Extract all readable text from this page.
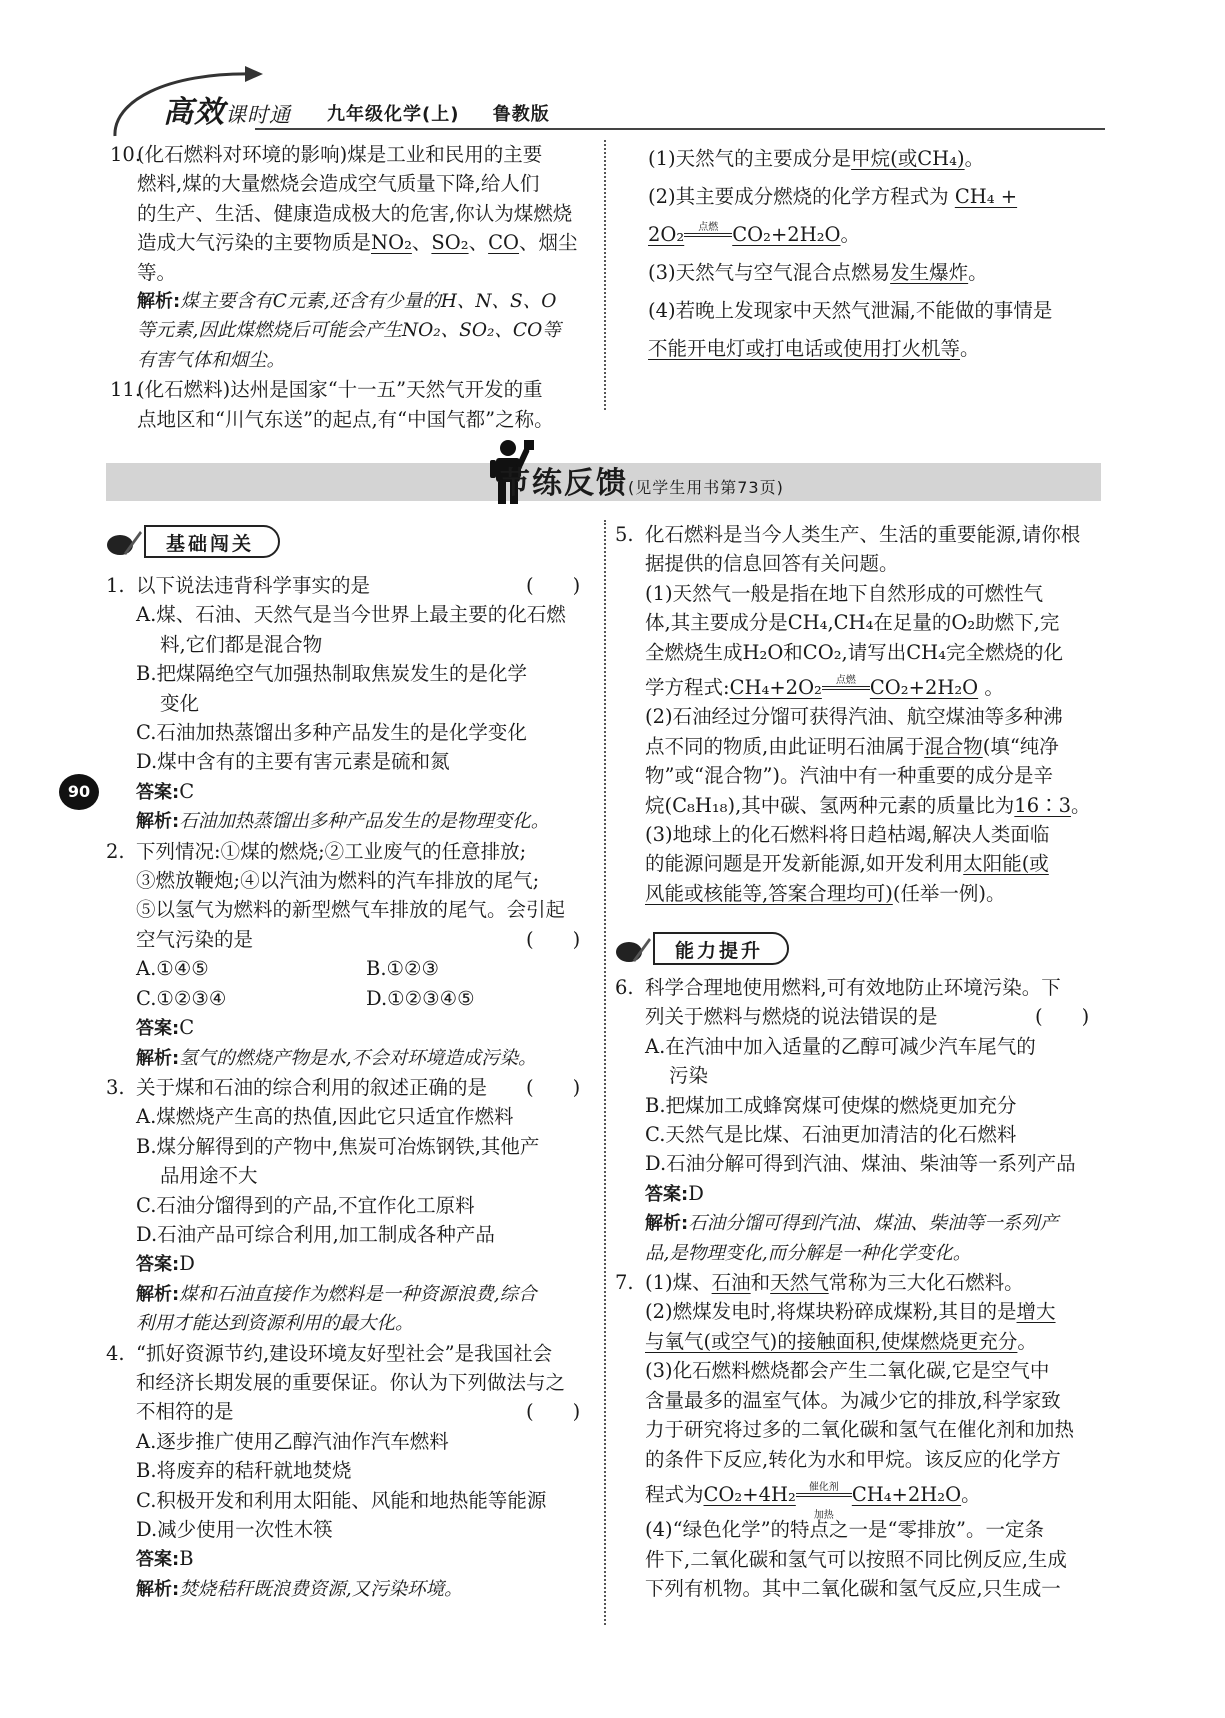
高效课时通 九年级化学(上) 鲁教版

10.(化石燃料对环境的影响)煤是工业和民用的主要

燃料,煤的大量燃烧会造成空气质量下降,给人们

的生产、生活、健康造成极大的危害,你认为煤燃烧

造成大气污染的主要物质是NO₂、SO₂、CO、烟尘等。

解析:煤主要含有C元素,还含有少量的H、N、S、O

等元素,因此煤燃烧后可能会产生NO₂、SO₂、CO等

有害气体和烟尘。

11.(化石燃料)达州是国家“十一五”天然气开发的重

点地区和“川气东送”的起点,有“中国气都”之称。

(1)天然气的主要成分是甲烷(或CH₄)。

(2)其主要成分燃烧的化学方程式为 CH₄ +

2O₂	点燃 CO₂+2H₂O。

(3)天然气与空气混合点燃易发生爆炸。

(4)若晚上发现家中天然气泄漏,不能做的事情是

不能开电灯或打电话或使用打火机等。

节练反馈(见学生用书第73页)
90
基础闯关

1. 以下说法违背科学事实的是	(　　)

A.煤、石油、天然气是当今世界上最主要的化石燃

料,它们都是混合物

B.把煤隔绝空气加强热制取焦炭发生的是化学

变化

C.石油加热蒸馏出多种产品发生的是化学变化

D.煤中含有的主要有害元素是硫和氮

答案:C

解析:石油加热蒸馏出多种产品发生的是物理变化。

2. 下列情况:①煤的燃烧;②工业废气的任意排放;

③燃放鞭炮;④以汽油为燃料的汽车排放的尾气;

⑤以氢气为燃料的新型燃气车排放的尾气。会引起

空气污染的是	(　　)

A.①④⑤	B.①②③

C.①②③④	D.①②③④⑤

答案:C

解析:氢气的燃烧产物是水,不会对环境造成污染。

3. 关于煤和石油的综合利用的叙述正确的是 (　　)

A.煤燃烧产生高的热值,因此它只适宜作燃料

B.煤分解得到的产物中,焦炭可冶炼钢铁,其他产

品用途不大

C.石油分馏得到的产品,不宜作化工原料

D.石油产品可综合利用,加工制成各种产品

答案:D

解析:煤和石油直接作为燃料是一种资源浪费,综合

利用才能达到资源利用的最大化。

4. “抓好资源节约,建设环境友好型社会”是我国社会

和经济长期发展的重要保证。你认为下列做法与之

不相符的是	(　　)

A.逐步推广使用乙醇汽油作汽车燃料

B.将废弃的秸秆就地焚烧

C.积极开发和利用太阳能、风能和地热能等能源

D.减少使用一次性木筷

答案:B

解析:焚烧秸秆既浪费资源,又污染环境。

5. 化石燃料是当今人类生产、生活的重要能源,请你根

据提供的信息回答有关问题。

(1)天然气一般是指在地下自然形成的可燃性气

体,其主要成分是CH₄,CH₄在足量的O₂助燃下,完

全燃烧生成H₂O和CO₂,请写出CH₄完全燃烧的化

学方程式:CH₄+2O₂	点燃 CO₂+2H₂O 。

(2)石油经过分馏可获得汽油、航空煤油等多种沸

点不同的物质,由此证明石油属于混合物(填“纯净

物”或“混合物”)。汽油中有一种重要的成分是辛

烷(C₈H₁₈),其中碳、氢两种元素的质量比为16∶3。

(3)地球上的化石燃料将日趋枯竭,解决人类面临

的能源问题是开发新能源,如开发利用太阳能(或

风能或核能等,答案合理均可)(任举一例)。

能力提升

6. 科学合理地使用燃料,可有效地防止环境污染。下

列关于燃料与燃烧的说法错误的是	(　　)

A.在汽油中加入适量的乙醇可减少汽车尾气的

污染

B.把煤加工成蜂窝煤可使煤的燃烧更加充分

C.天然气是比煤、石油更加清洁的化石燃料

D.石油分解可得到汽油、煤油、柴油等一系列产品

答案:D

解析:石油分馏可得到汽油、煤油、柴油等一系列产

品,是物理变化,而分解是一种化学变化。

7. (1)煤、石油和天然气常称为三大化石燃料。

(2)燃煤发电时,将煤块粉碎成煤粉,其目的是增大

与氧气(或空气)的接触面积,使煤燃烧更充分。

(3)化石燃料燃烧都会产生二氧化碳,它是空气中

含量最多的温室气体。为减少它的排放,科学家致

力于研究将过多的二氧化碳和氢气在催化剂和加热

的条件下反应,转化为水和甲烷。该反应的化学方

程式为CO₂+4H₂	催化剂
加热
CH₄+2H₂O。

(4)“绿色化学”的特点之一是“零排放”。一定条

件下,二氧化碳和氢气可以按照不同比例反应,生成

下列有机物。其中二氧化碳和氢气反应,只生成一
